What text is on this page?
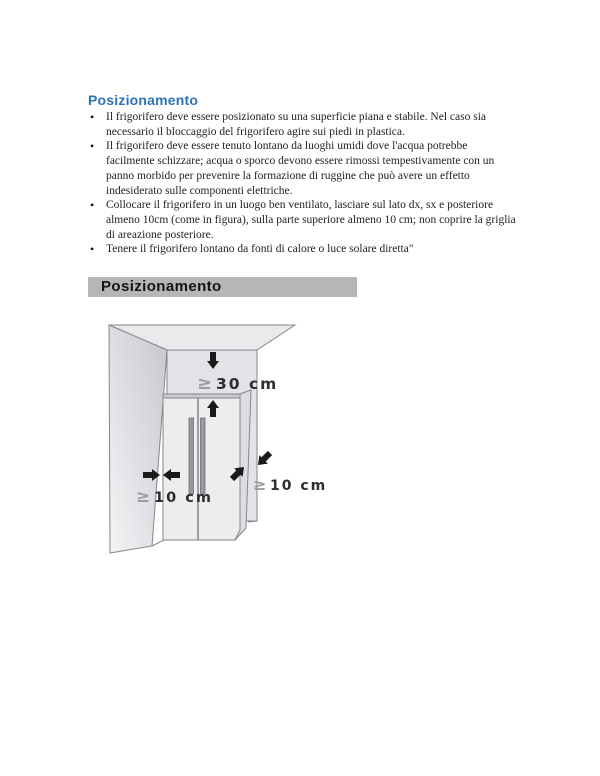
Posizionamento
• Il frigorifero deve essere posizionato su una superficie piana e stabile. Nel caso sia necessario il bloccaggio del frigorifero agire sui piedi in plastica.
• Il frigorifero deve essere tenuto lontano da luoghi umidi dove l'acqua potrebbe facilmente schizzare; acqua o sporco devono essere rimossi tempestivamente con un panno morbido per prevenire la formazione di ruggine che può avere un effetto indesiderato sulle componenti elettriche.
• Collocare il frigorifero in un luogo ben ventilato, lasciare sul lato dx, sx e posteriore almeno 10cm (come in figura), sulla parte superiore almeno 10 cm; non coprire la griglia di areazione posteriore.
• Tenere il frigorifero lontano da fonti di calore o luce solare diretta"
Posizionamento
≥ 30 cm
≥ 10 cm
≥ 10 cm
